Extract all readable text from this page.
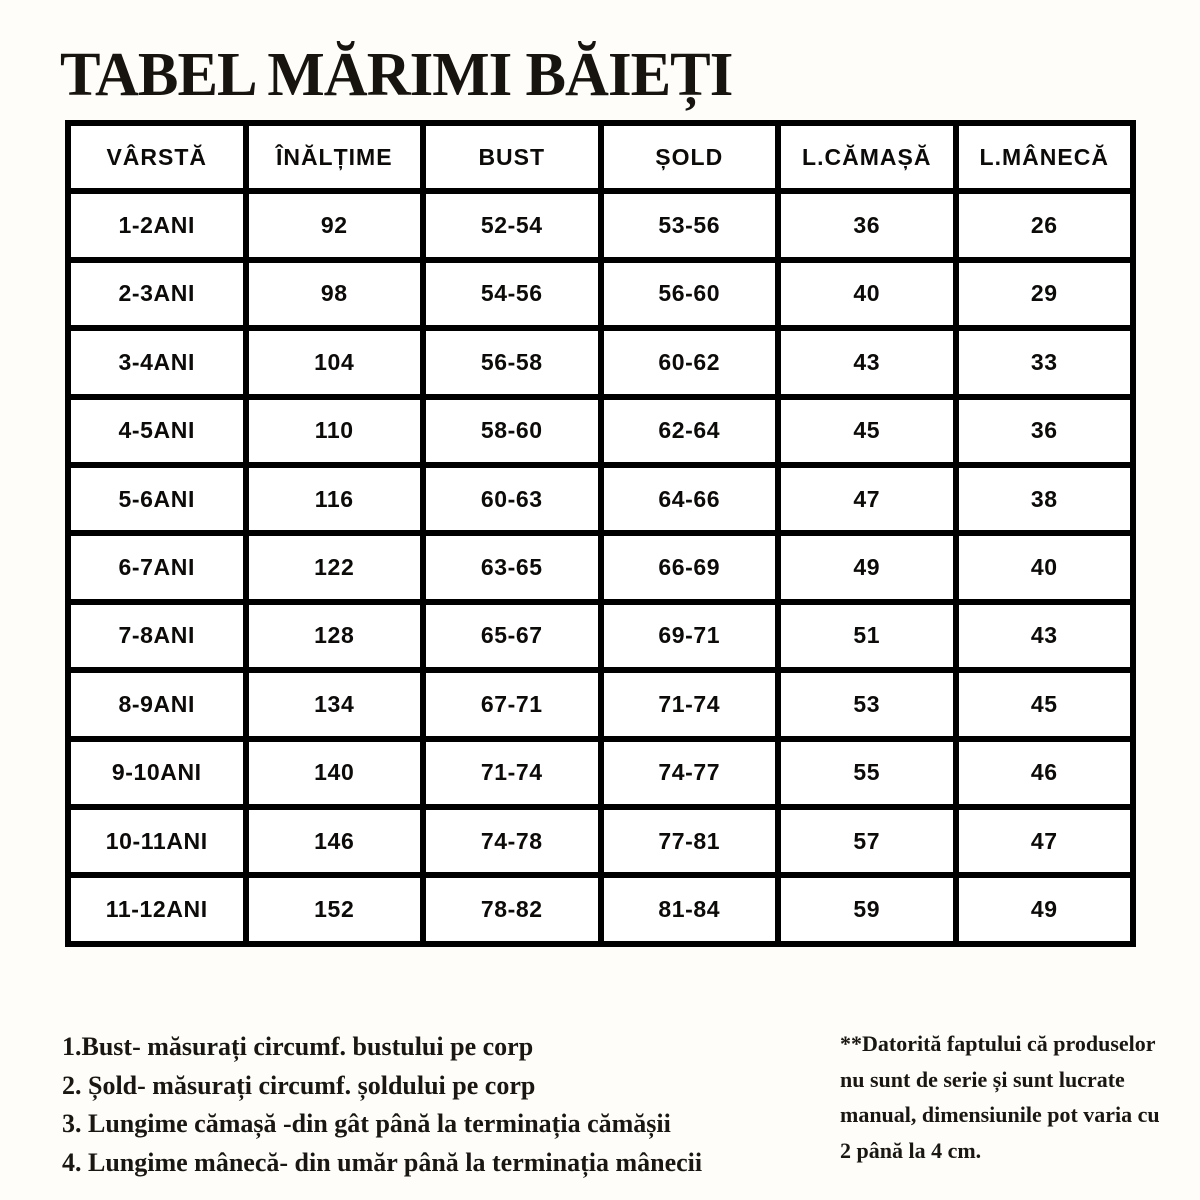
TABEL MĂRIMI BĂIEȚI
VÂRSTĂ	ÎNĂLȚIME	BUST	ȘOLD	L.CĂMAȘĂ	L.MÂNECĂ
1-2ANI	92	52-54	53-56	36	26
2-3ANI	98	54-56	56-60	40	29
3-4ANI	104	56-58	60-62	43	33
4-5ANI	110	58-60	62-64	45	36
5-6ANI	116	60-63	64-66	47	38
6-7ANI	122	63-65	66-69	49	40
7-8ANI	128	65-67	69-71	51	43
8-9ANI	134	67-71	71-74	53	45
9-10ANI	140	71-74	74-77	55	46
10-11ANI	146	74-78	77-81	57	47
11-12ANI	152	78-82	81-84	59	49
1.Bust- măsurați circumf. bustului pe corp
2. Șold- măsurați circumf. șoldului pe corp
3. Lungime cămașă -din gât până la terminația cămășii
4. Lungime mânecă- din umăr până la terminația mânecii
**Datorită faptului că produselor nu sunt de serie și sunt lucrate manual, dimensiunile pot varia cu 2 până la 4 cm.
